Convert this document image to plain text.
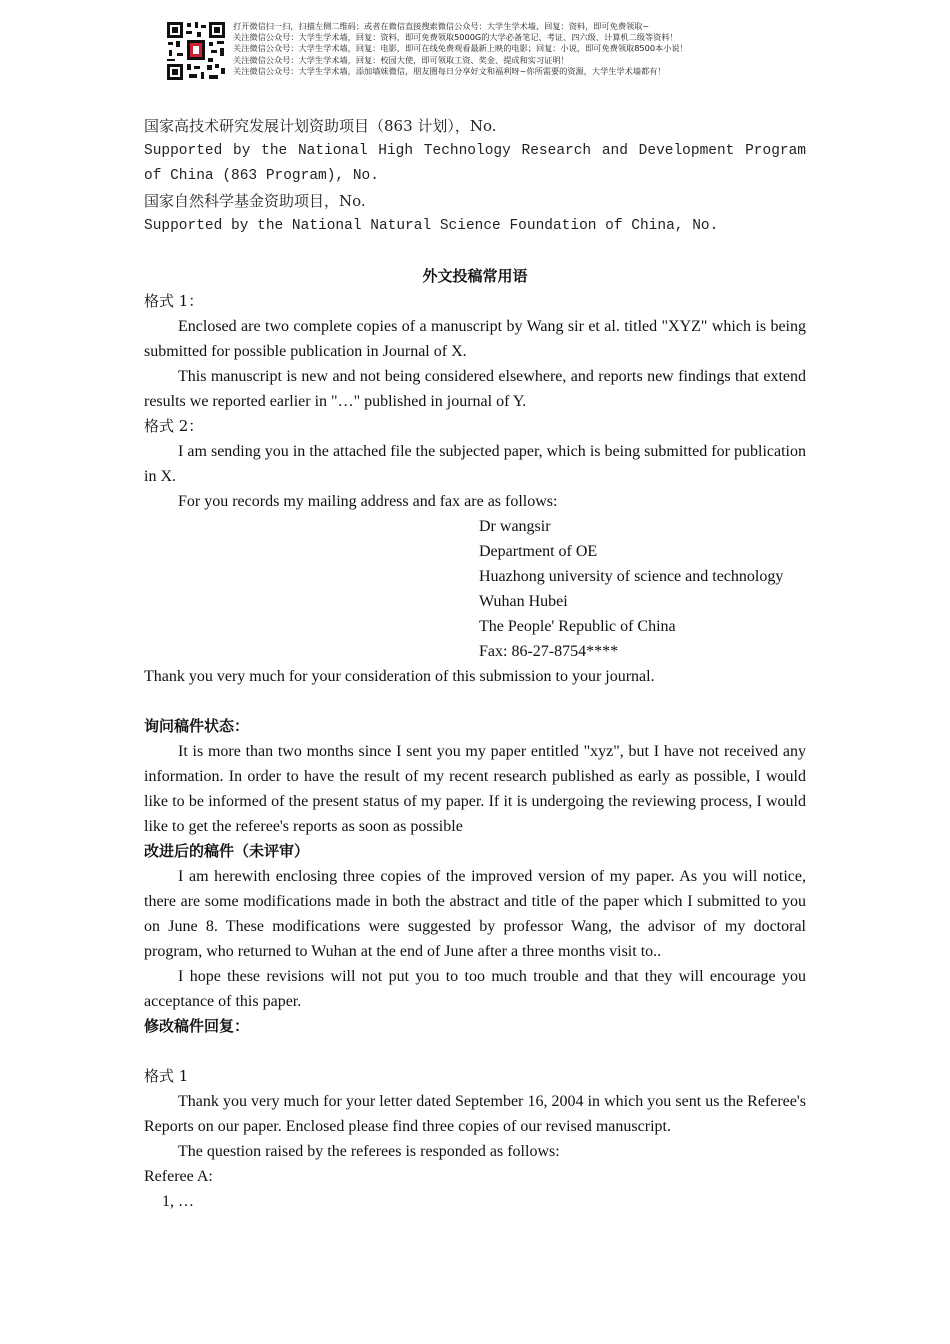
打开微信扫一扫，扫描左侧二维码；或者在微信直接搜索微信公众号：大学生学术墙，回复：资料，即可免费领取~
关注微信公众号：大学生学术墙，回复：资料，即可免费领取5000G的大学必备笔记、考证、四六级、计算机二级等资料！
关注微信公众号：大学生学术墙，回复：电影，即可在线免费观看最新上映的电影；回复：小说，即可免费领取8500本小说！
关注微信公众号：大学生学术墙，回复：校园大使，即可领取工资、奖金、提成和实习证明！
关注微信公众号：大学生学术墙，添加墙妹微信，朋友圈每日分享好文和福利呀~你所需要的资源，大学生学术墙都有！
国家高技术研究发展计划资助项目（863 计划），No.
Supported by the National High Technology Research and Development Program of China (863 Program), No.
国家自然科学基金资助项目，No.
Supported by the National Natural Science Foundation of China, No.
外文投稿常用语
格式 1：
Enclosed are two complete copies of a manuscript by Wang sir et al. titled "XYZ" which is being submitted for possible publication in Journal of X.
This manuscript is new and not being considered elsewhere, and reports new findings that extend results we reported earlier in "…" published in journal of Y.
格式 2：
I am sending you in the attached file the subjected paper, which is being submitted for publication in X.
For you records my mailing address and fax are as follows:
Dr wangsir
Department of OE
Huazhong university of science and technology
Wuhan Hubei
The People' Republic of China
Fax: 86-27-8754****
Thank you very much for your consideration of this submission to your journal.
询问稿件状态：
It is more than two months since I sent you my paper entitled "xyz", but I have not received any information. In order to have the result of my recent research published as early as possible, I would like to be informed of the present status of my paper. If it is undergoing the reviewing process, I would like to get the referee's reports as soon as possible
改进后的稿件（未评审）
I am herewith enclosing three copies of the improved version of my paper. As you will notice, there are some modifications made in both the abstract and title of the paper which I submitted to you on June 8. These modifications were suggested by professor Wang, the advisor of my doctoral program, who returned to Wuhan at the end of June after a three months visit to..
I hope these revisions will not put you to too much trouble and that they will encourage you acceptance of this paper.
修改稿件回复：
格式 1
Thank you very much for your letter dated September 16, 2004 in which you sent us the Referee's Reports on our paper. Enclosed please find three copies of our revised manuscript.
The question raised by the referees is responded as follows:
Referee A:
1, …
